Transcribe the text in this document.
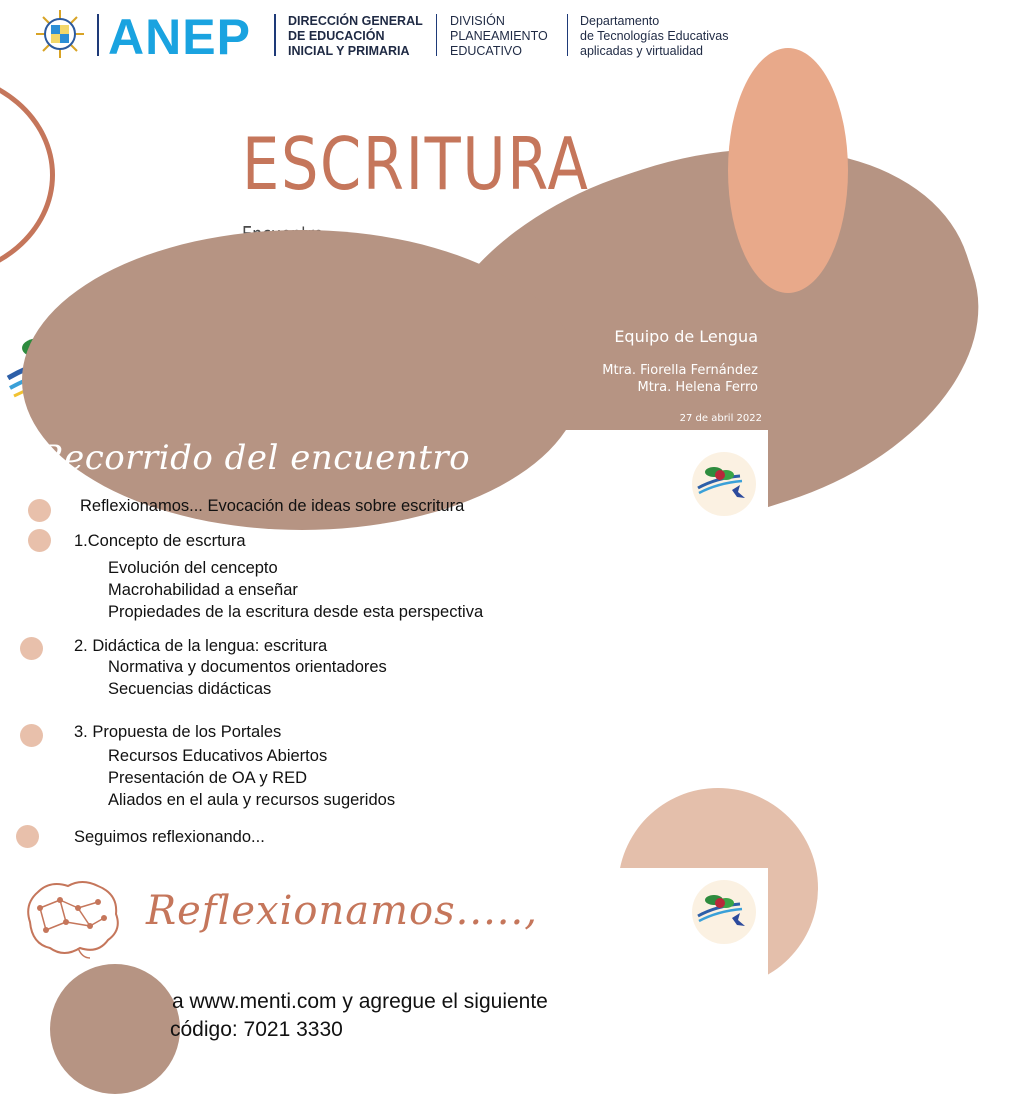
ANEP	DIRECCIÓN GENERAL
DE EDUCACIÓN
INICIAL Y PRIMARIA
DIVISIÓN
PLANEAMIENTO
EDUCATIVO
Departamento
de Tecnologías Educativas
aplicadas y virtualidad
ESCRITURA
Equipo de Lengua
Mtra. Fiorella Fernández
Mtra. Helena Ferro
27 de abril 2022
Recorrido del encuentro
Reflexionamos... Evocación de ideas sobre escritura
1.Concepto de escrtura
Evolución del cencepto
Macrohabilidad a enseñar
Propiedades de la escritura desde esta perspectiva
2. Didáctica de la lengua: escritura
Normativa y documentos orientadores
Secuencias didácticas
3. Propuesta de los Portales
Recursos Educativos Abiertos
Presentación de OA y RED
Aliados en el aula y recursos sugeridos
Seguimos reflexionando...
Reflexionamos.....,
a www.menti.com y agregue el siguiente
código: 7021 3330
